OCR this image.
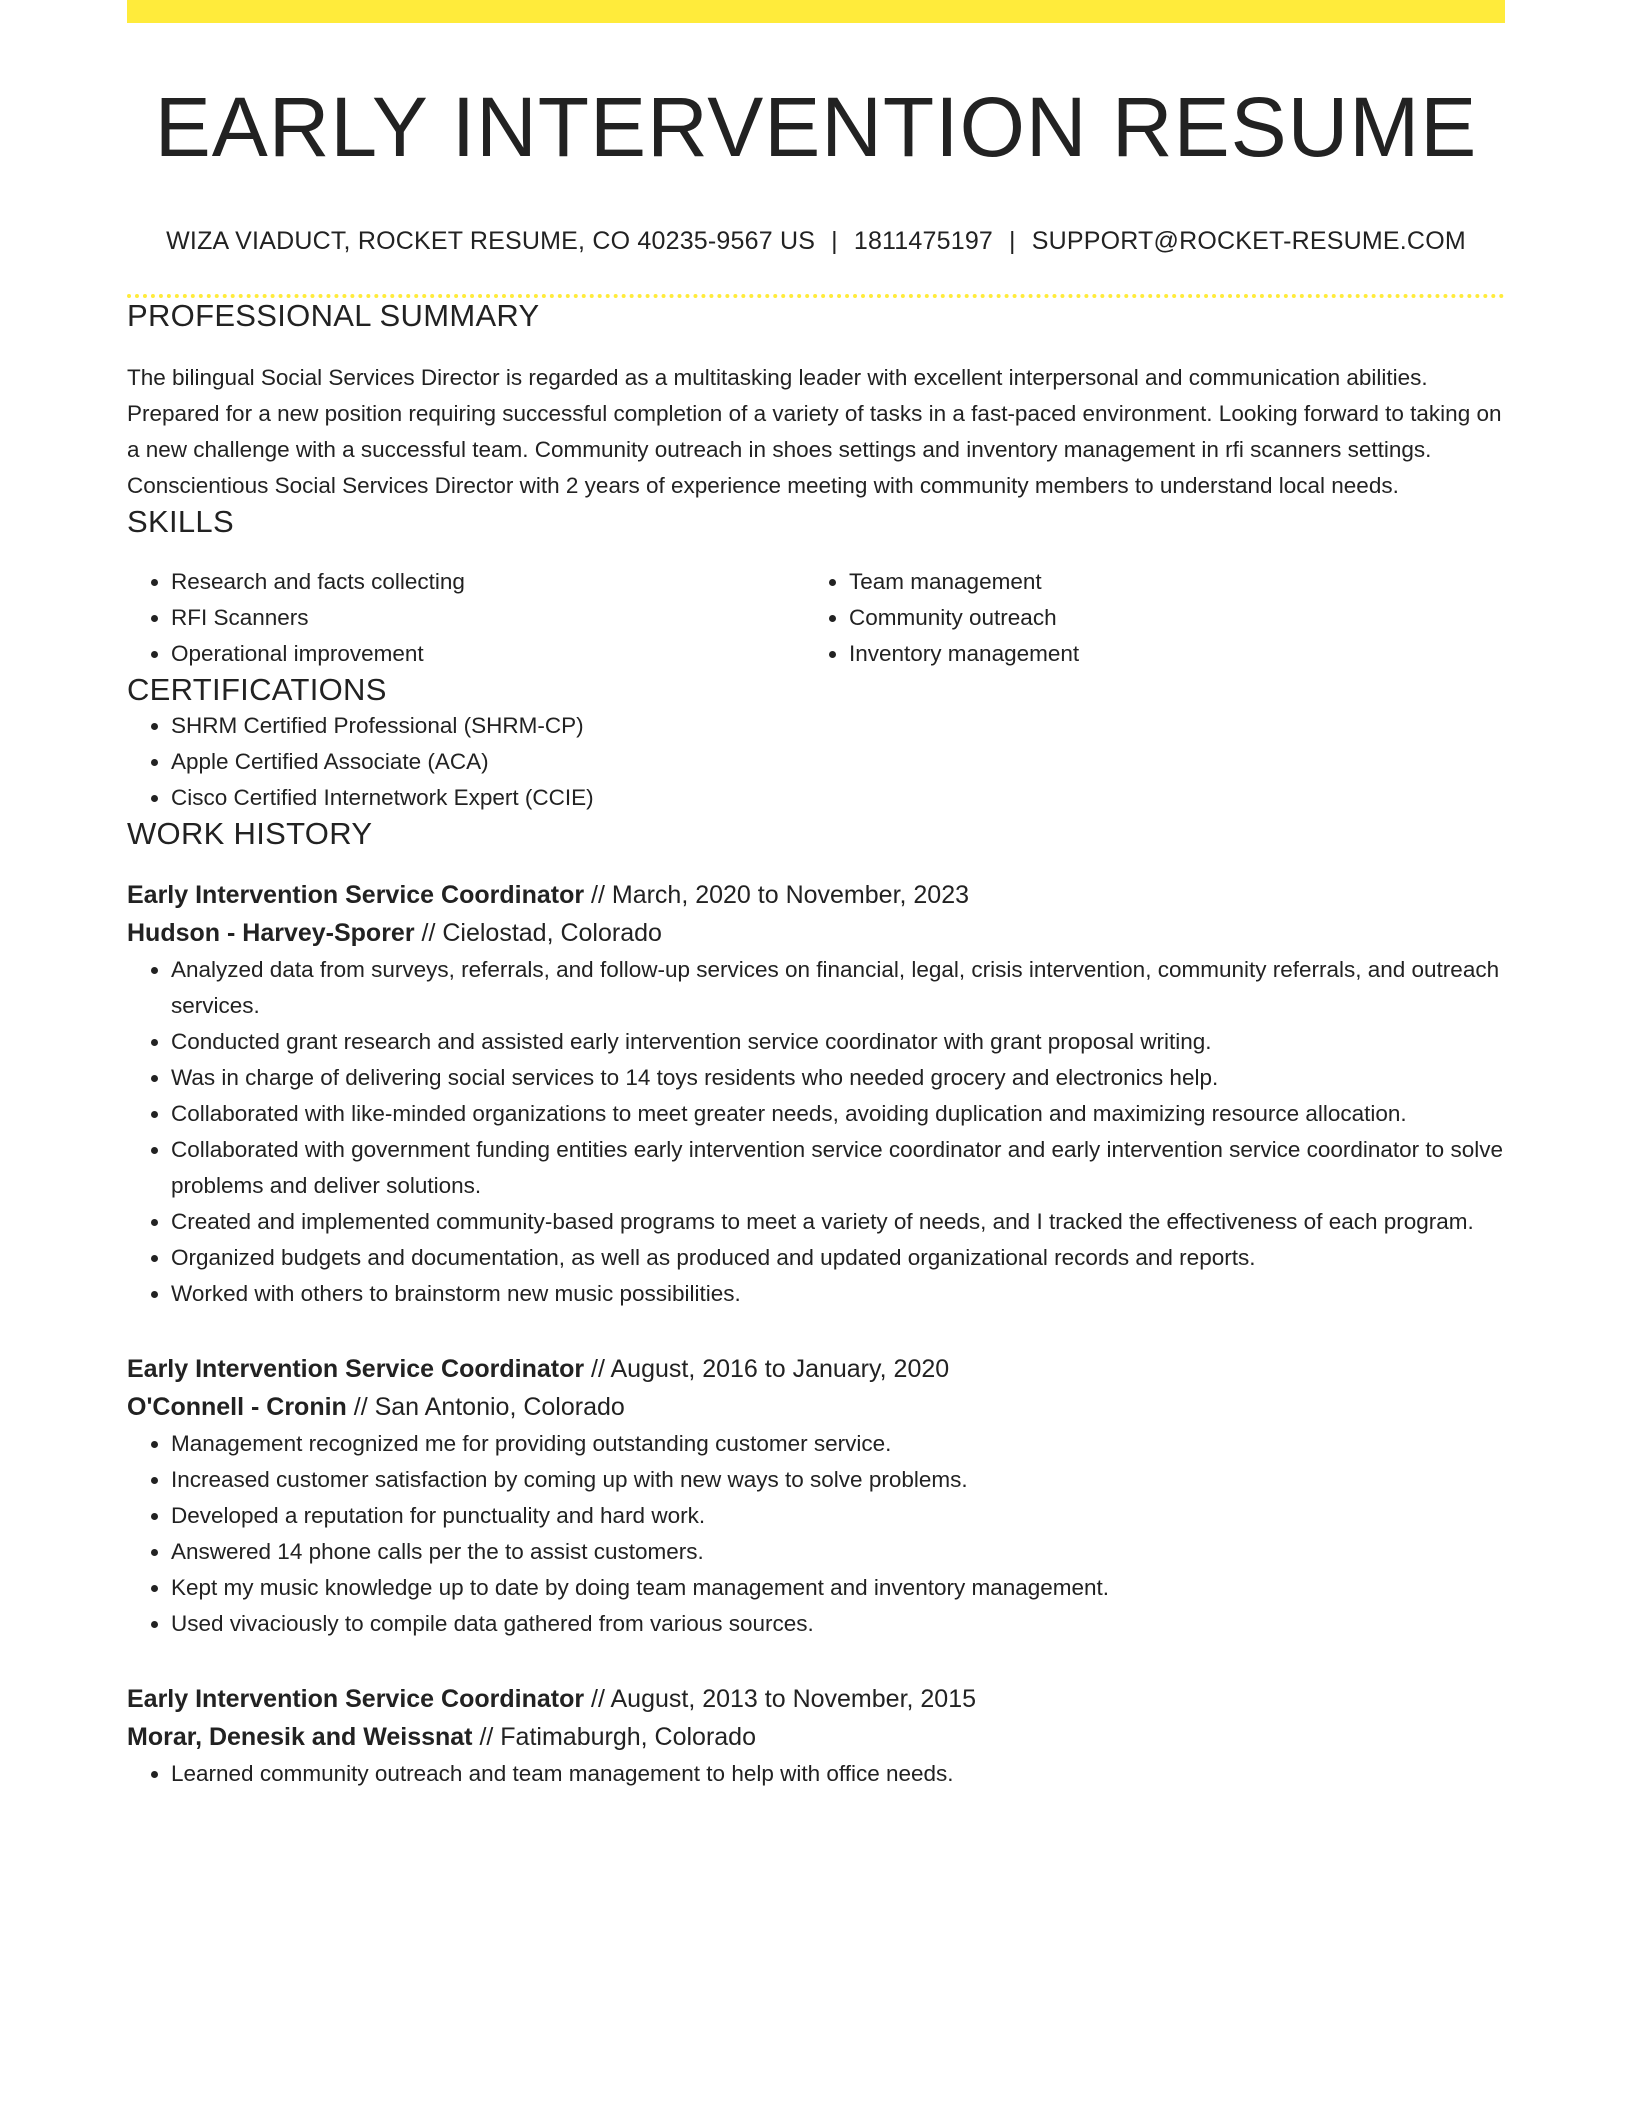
EARLY INTERVENTION RESUME
WIZA VIADUCT, ROCKET RESUME, CO 40235-9567 US | 1811475197 | SUPPORT@ROCKET-RESUME.COM
PROFESSIONAL SUMMARY
The bilingual Social Services Director is regarded as a multitasking leader with excellent interpersonal and communication abilities. Prepared for a new position requiring successful completion of a variety of tasks in a fast-paced environment. Looking forward to taking on a new challenge with a successful team. Community outreach in shoes settings and inventory management in rfi scanners settings. Conscientious Social Services Director with 2 years of experience meeting with community members to understand local needs.
SKILLS
• Research and facts collecting
• RFI Scanners
• Operational improvement
• Team management
• Community outreach
• Inventory management
CERTIFICATIONS
• SHRM Certified Professional (SHRM-CP)
• Apple Certified Associate (ACA)
• Cisco Certified Internetwork Expert (CCIE)
WORK HISTORY
Early Intervention Service Coordinator // March, 2020 to November, 2023
Hudson - Harvey-Sporer // Cielostad, Colorado
• Analyzed data from surveys, referrals, and follow-up services on financial, legal, crisis intervention, community referrals, and outreach services.
• Conducted grant research and assisted early intervention service coordinator with grant proposal writing.
• Was in charge of delivering social services to 14 toys residents who needed grocery and electronics help.
• Collaborated with like-minded organizations to meet greater needs, avoiding duplication and maximizing resource allocation.
• Collaborated with government funding entities early intervention service coordinator and early intervention service coordinator to solve problems and deliver solutions.
• Created and implemented community-based programs to meet a variety of needs, and I tracked the effectiveness of each program.
• Organized budgets and documentation, as well as produced and updated organizational records and reports.
• Worked with others to brainstorm new music possibilities.
Early Intervention Service Coordinator // August, 2016 to January, 2020
O'Connell - Cronin // San Antonio, Colorado
• Management recognized me for providing outstanding customer service.
• Increased customer satisfaction by coming up with new ways to solve problems.
• Developed a reputation for punctuality and hard work.
• Answered 14 phone calls per the to assist customers.
• Kept my music knowledge up to date by doing team management and inventory management.
• Used vivaciously to compile data gathered from various sources.
Early Intervention Service Coordinator // August, 2013 to November, 2015
Morar, Denesik and Weissnat // Fatimaburgh, Colorado
• Learned community outreach and team management to help with office needs.
